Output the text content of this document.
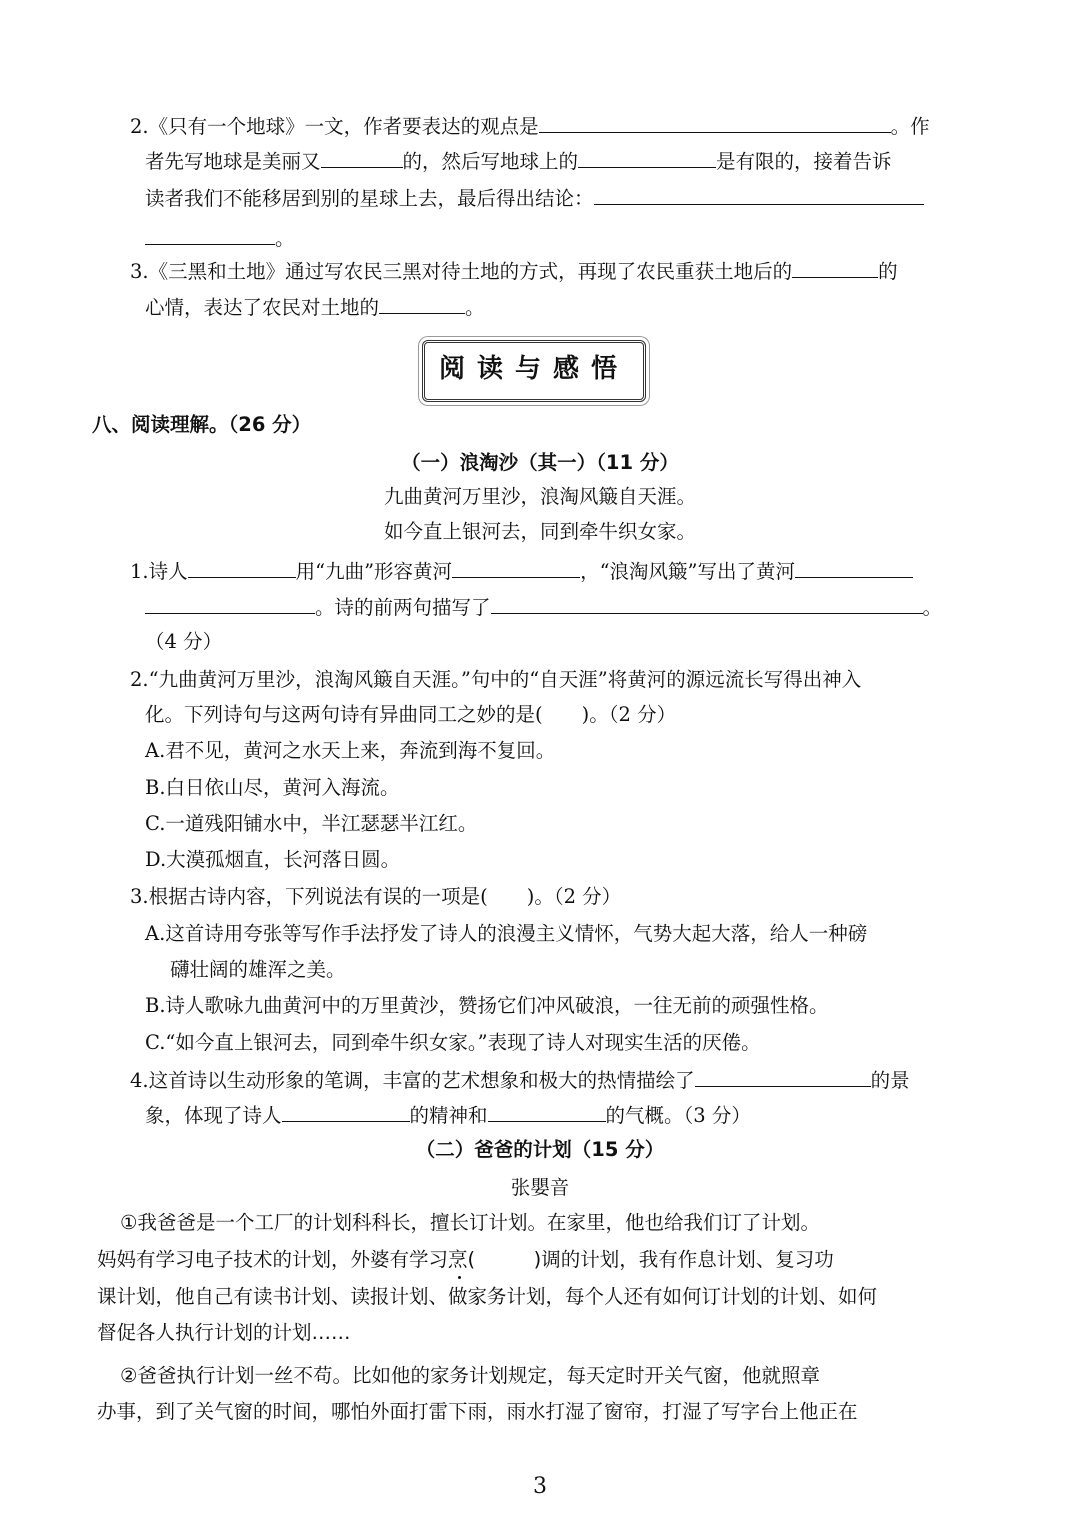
2.《只有一个地球》一文，作者要表达的观点是	。作
者先写地球是美丽又	的，然后写地球上的	是有限的，接着告诉
读者我们不能移居到别的星球上去，最后得出结论：
。
3.《三黑和土地》通过写农民三黑对待土地的方式，再现了农民重获土地后的	的
心情，表达了农民对土地的	。
阅读与感悟
八、阅读理解。（26 分）
（一）浪淘沙（其一）（11 分）
九曲黄河万里沙，浪淘风簸自天涯。
如今直上银河去，同到牵牛织女家。
1.诗人	用“九曲”形容黄河	，“浪淘风簸”写出了黄河
。诗的前两句描写了	。
（4 分）
2.“九曲黄河万里沙，浪淘风簸自天涯。”句中的“自天涯”将黄河的源远流长写得出神入
化。下列诗句与这两句诗有异曲同工之妙的是(　　)。（2 分）
A.君不见，黄河之水天上来，奔流到海不复回。
B.白日依山尽，黄河入海流。
C.一道残阳铺水中，半江瑟瑟半江红。
D.大漠孤烟直，长河落日圆。
3.根据古诗内容，下列说法有误的一项是(　　)。（2 分）
A.这首诗用夸张等写作手法抒发了诗人的浪漫主义情怀，气势大起大落，给人一种磅
礴壮阔的雄浑之美。
B.诗人歌咏九曲黄河中的万里黄沙，赞扬它们冲风破浪，一往无前的顽强性格。
C.“如今直上银河去，同到牵牛织女家。”表现了诗人对现实生活的厌倦。
4.这首诗以生动形象的笔调，丰富的艺术想象和极大的热情描绘了	的景
象，体现了诗人	的精神和	的气概。（3 分）
（二）爸爸的计划（15 分）
张嬰音
①我爸爸是一个工厂的计划科科长，擅长订计划。在家里，他也给我们订了计划。
妈妈有学习电子技术的计划，外婆有学习烹(　　　)调的计划，我有作息计划、复习功
课计划，他自己有读书计划、读报计划、做家务计划，每个人还有如何订计划的计划、如何
督促各人执行计划的计划……
②爸爸执行计划一丝不苟。比如他的家务计划规定，每天定时开关气窗，他就照章
办事，到了关气窗的时间，哪怕外面打雷下雨，雨水打湿了窗帘，打湿了写字台上他正在
3
